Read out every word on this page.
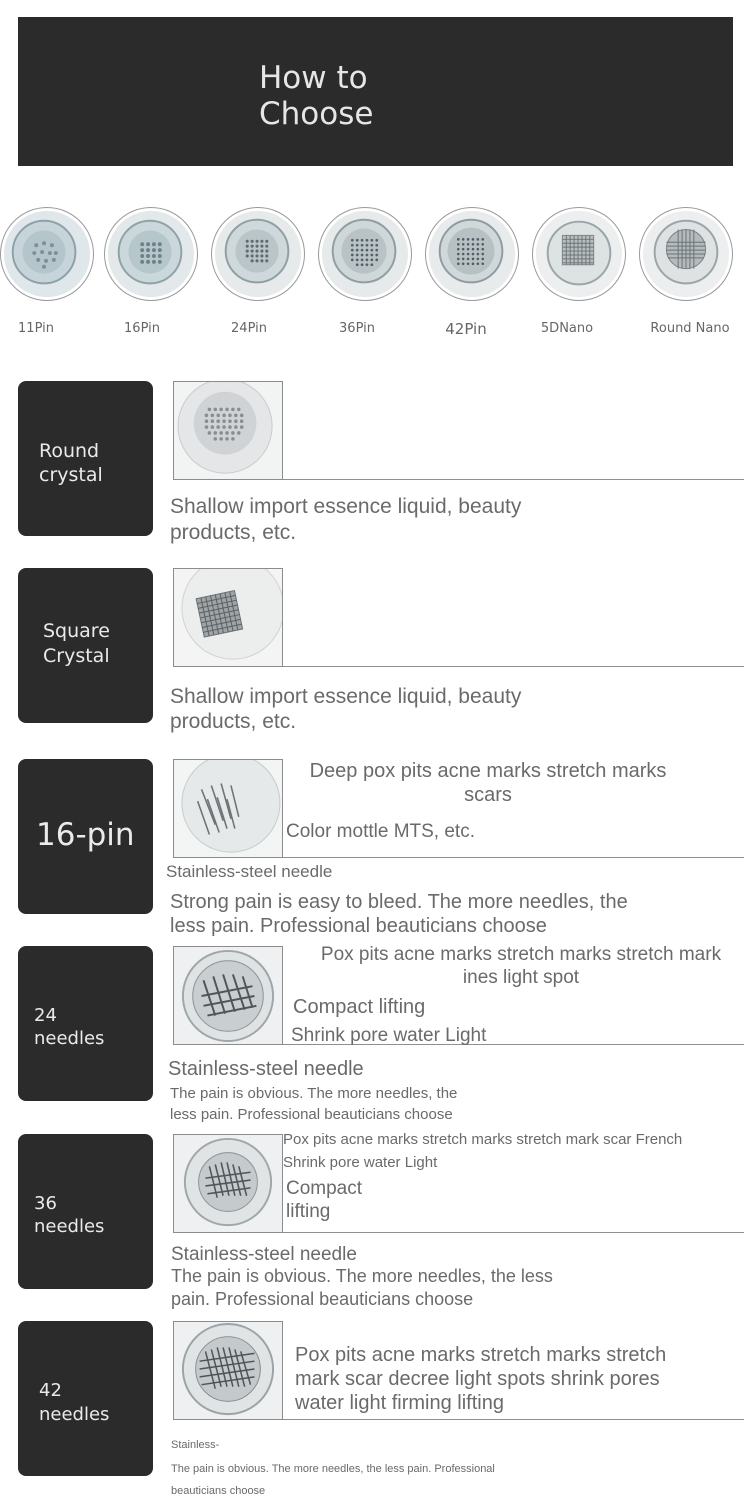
How to
Choose
11Pin	16Pin	24Pin	36Pin	42Pin	5DNano	Round Nano
Round
crystal
Shallow import essence liquid, beauty
products, etc.
Square
Crystal
Shallow import essence liquid, beauty
products, etc.
16-pin
Deep pox pits acne marks stretch marks
scars
Color mottle MTS, etc.
Stainless-steel needle
Strong pain is easy to bleed. The more needles, the
less pain. Professional beauticians choose
24
needles
Pox pits acne marks stretch marks stretch mark
ines light spot
Compact lifting
Shrink pore water Light
Stainless-steel needle
The pain is obvious. The more needles, the
less pain. Professional beauticians choose
36
needles
Pox pits acne marks stretch marks stretch mark scar French
Shrink pore water Light
Compact
lifting
Stainless-steel needle
The pain is obvious. The more needles, the less
pain. Professional beauticians choose
42
needles
Pox pits acne marks stretch marks stretch
mark scar decree light spots shrink pores
water light firming lifting
Stainless-
The pain is obvious. The more needles, the less pain. Professional
beauticians choose
